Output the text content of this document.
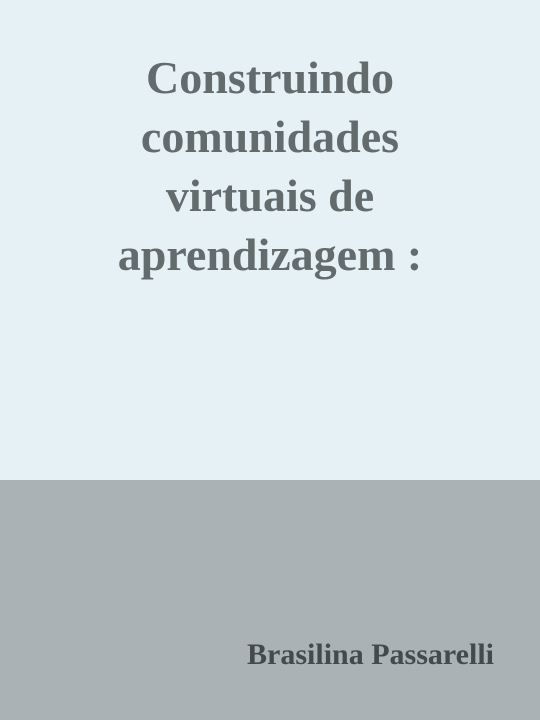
Construindo
comunidades
virtuais de
aprendizagem :

Brasilina Passarelli
